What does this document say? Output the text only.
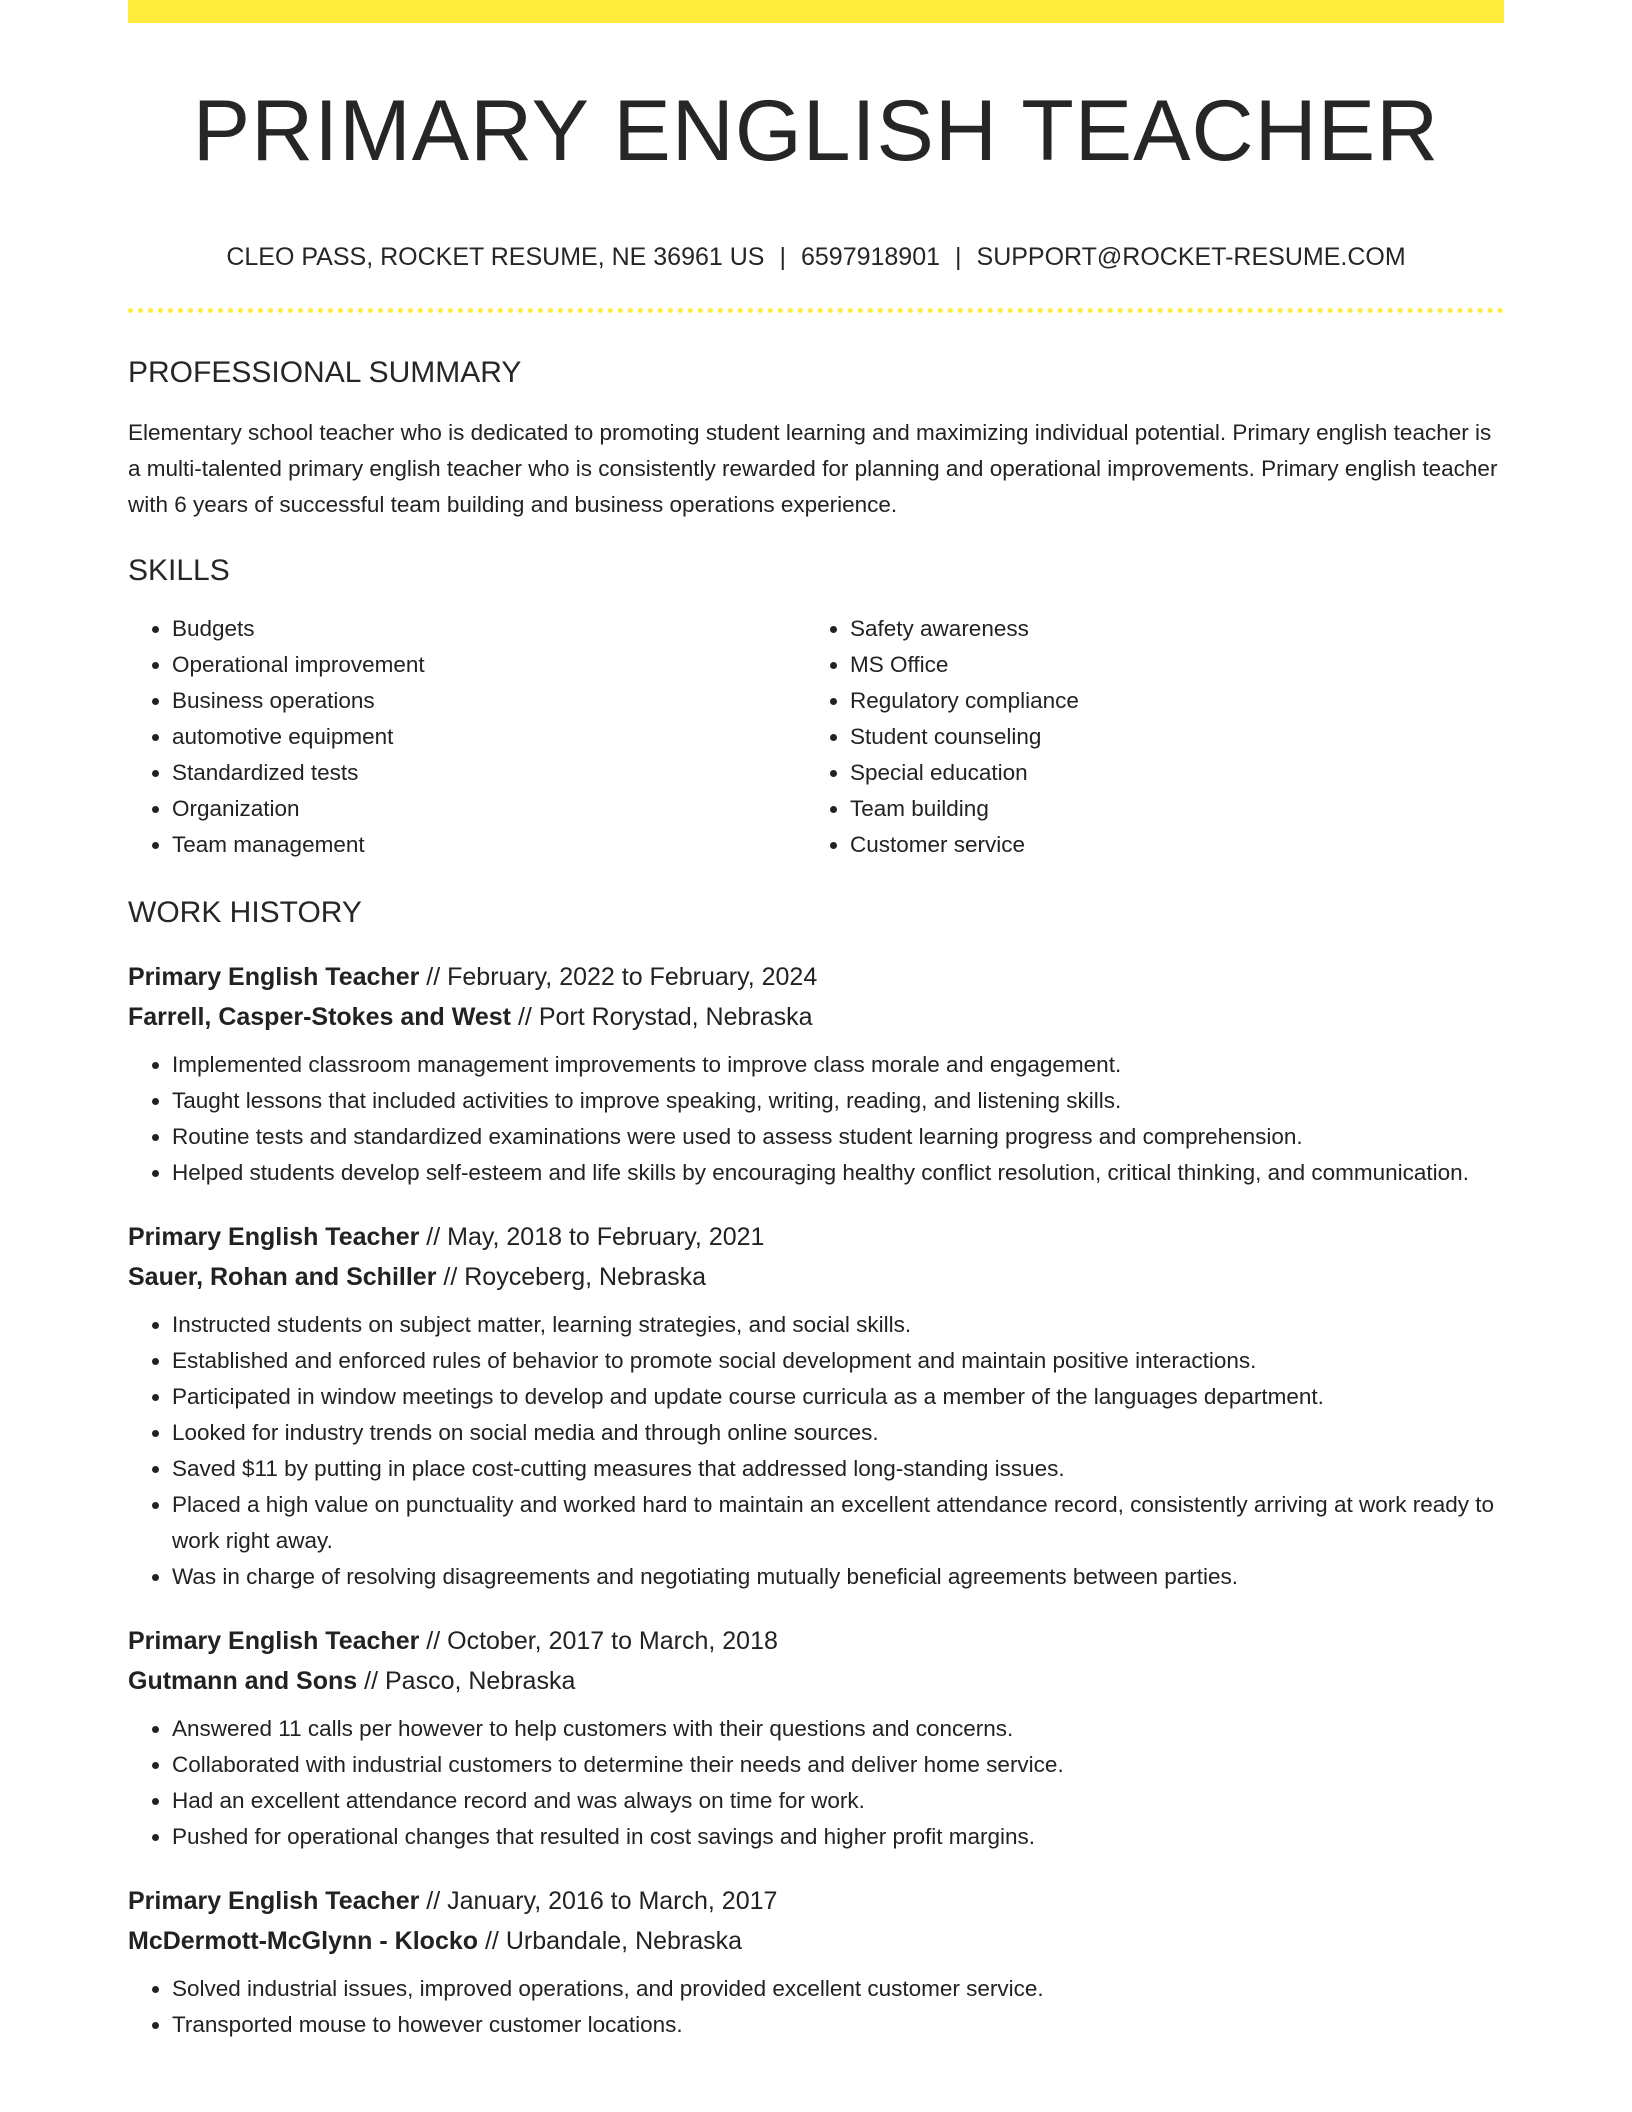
PRIMARY ENGLISH TEACHER
CLEO PASS, ROCKET RESUME, NE 36961 US | 6597918901 | SUPPORT@ROCKET-RESUME.COM
PROFESSIONAL SUMMARY

Elementary school teacher who is dedicated to promoting student learning and maximizing individual potential. Primary english teacher is a multi-talented primary english teacher who is consistently rewarded for planning and operational improvements. Primary english teacher with 6 years of successful team building and business operations experience.

SKILLS
• Budgets
• Operational improvement
• Business operations
• automotive equipment
• Standardized tests
• Organization
• Team management
• Safety awareness
• MS Office
• Regulatory compliance
• Student counseling
• Special education
• Team building
• Customer service
WORK HISTORY
Primary English Teacher // February, 2022 to February, 2024
Farrell, Casper-Stokes and West // Port Rorystad, Nebraska
• Implemented classroom management improvements to improve class morale and engagement.
• Taught lessons that included activities to improve speaking, writing, reading, and listening skills.
• Routine tests and standardized examinations were used to assess student learning progress and comprehension.
• Helped students develop self-esteem and life skills by encouraging healthy conflict resolution, critical thinking, and communication.
Primary English Teacher // May, 2018 to February, 2021
Sauer, Rohan and Schiller // Royceberg, Nebraska
• Instructed students on subject matter, learning strategies, and social skills.
• Established and enforced rules of behavior to promote social development and maintain positive interactions.
• Participated in window meetings to develop and update course curricula as a member of the languages department.
• Looked for industry trends on social media and through online sources.
• Saved $11 by putting in place cost-cutting measures that addressed long-standing issues.
• Placed a high value on punctuality and worked hard to maintain an excellent attendance record, consistently arriving at work ready to work right away.
• Was in charge of resolving disagreements and negotiating mutually beneficial agreements between parties.
Primary English Teacher // October, 2017 to March, 2018
Gutmann and Sons // Pasco, Nebraska
• Answered 11 calls per however to help customers with their questions and concerns.
• Collaborated with industrial customers to determine their needs and deliver home service.
• Had an excellent attendance record and was always on time for work.
• Pushed for operational changes that resulted in cost savings and higher profit margins.
Primary English Teacher // January, 2016 to March, 2017
McDermott-McGlynn - Klocko // Urbandale, Nebraska
• Solved industrial issues, improved operations, and provided excellent customer service.
• Transported mouse to however customer locations.
